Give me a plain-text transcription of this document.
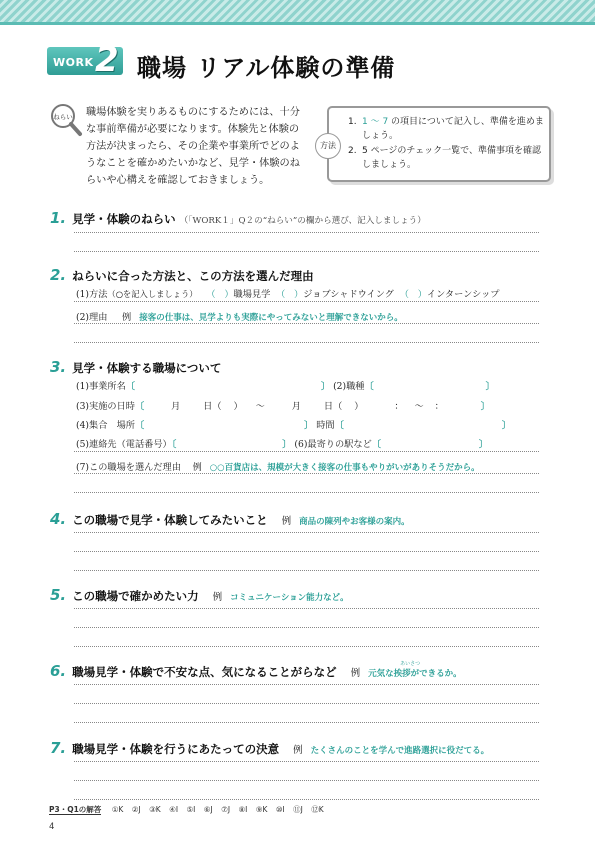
WORK 2 職場 リアル体験の準備
ねらい 職場体験を実りあるものにするためには、十分な事前準備が必要になります。体験先と体験の方法が決まったら、その企業や事業所でどのようなことを確かめたいかなど、見学・体験のねらいや心構えを確認しておきましょう。
方法
1. 1 〜 7 の項目について記入し、準備を進めましょう。
2. 5 ページのチェック一覧で、準備事項を確認しましょう。
1. 見学・体験のねらい （「WORK１」Q２の“ねらい”の欄から選び、記入しましょう）
2. ねらいに合った方法と、この方法を選んだ理由
(1)方法（○を記入しましょう） （   ）職場見学 （   ）ジョブシャドウイング （   ）インターンシップ
(2)理由 例 接客の仕事は、見学よりも実際にやってみないと理解できないから。
3. 見学・体験する職場について
(1)事業所名〔	〕 (2)職種〔	〕
(3)実施の日時〔	月 日（ ） 〜	月 日（ ）	： 〜 ：	〕
(4)集合　場所〔	〕 時間〔	〕
(5)連絡先（電話番号）〔	〕 (6)最寄りの駅など〔	〕
(7)この職場を選んだ理由 例 ○○百貨店は、規模が大きく接客の仕事もやりがいがありそうだから。
4. この職場で見学・体験してみたいこと 例 商品の陳列やお客様の案内。
5. この職場で確かめたい力 例 コミュニケーション能力など。
6. 職場見学・体験で不安な点、気になることがらなど 例 元気な挨拶ができるか。
あいさつ
7. 職場見学・体験を行うにあたっての決意 例 たくさんのことを学んで進路選択に役だてる。
P3・Q1の解答 ①K ②J ③K ④I ⑤I ⑥J ⑦J ⑧I ⑨K ⑩I ⑪J ⑫K
4
